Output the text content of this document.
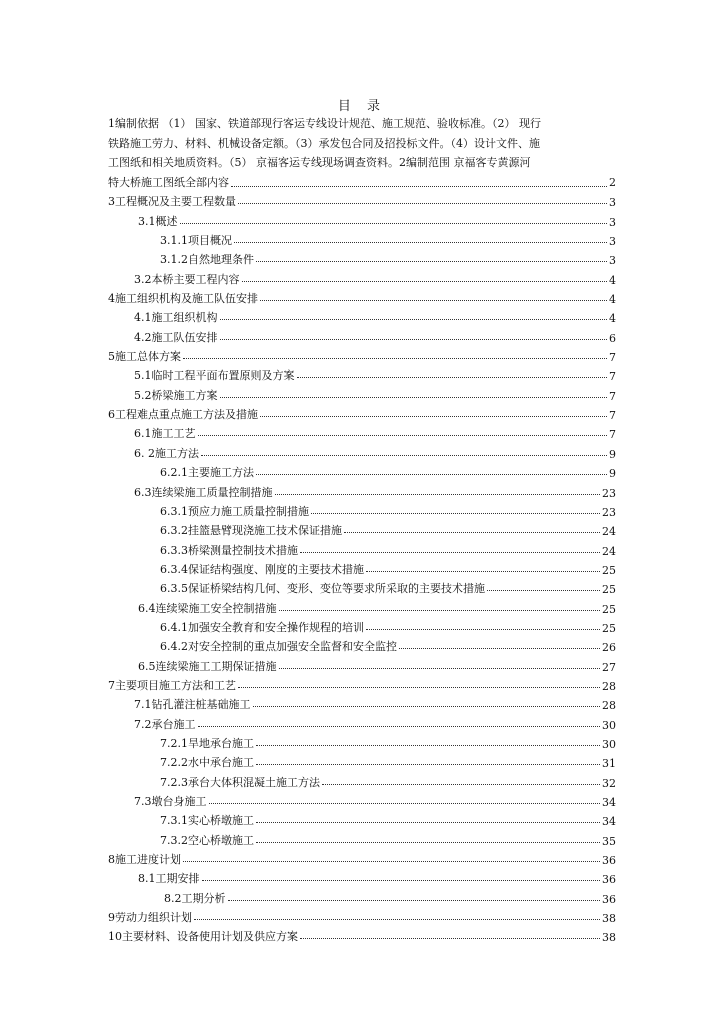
目 录
1编制依据 （1） 国家、铁道部现行客运专线设计规范、施工规范、验收标准。（2） 现行
铁路施工劳力、材料、机械设备定额。（3）承发包合同及招投标文件。（4）设计文件、施
工图纸和相关地质资料。（5） 京福客运专线现场调查资料。2编制范围 京福客专黄源河
特大桥施工图纸全部内容	2
3工程概况及主要工程数量	3
3.1概述	3
3.1.1项目概况	3
3.1.2自然地理条件	3
3.2本桥主要工程内容	4
4施工组织机构及施工队伍安排	4
4.1施工组织机构	4
4.2施工队伍安排	6
5施工总体方案	7
5.1临时工程平面布置原则及方案	7
5.2桥梁施工方案	7
6工程难点重点施工方法及措施	7
6.1施工工艺	7
6. 2施工方法	9
6.2.1主要施工方法	9
6.3连续梁施工质量控制措施	23
6.3.1预应力施工质量控制措施	23
6.3.2挂篮悬臂现浇施工技术保证措施	24
6.3.3桥梁测量控制技术措施	24
6.3.4保证结构强度、刚度的主要技术措施	25
6.3.5保证桥梁结构几何、变形、变位等要求所采取的主要技术措施	25
6.4连续梁施工安全控制措施	25
6.4.1加强安全教育和安全操作规程的培训	25
6.4.2对安全控制的重点加强安全监督和安全监控	26
6.5连续梁施工工期保证措施	27
7主要项目施工方法和工艺	28
7.1钻孔灌注桩基础施工	28
7.2承台施工	30
7.2.1旱地承台施工	30
7.2.2水中承台施工	31
7.2.3承台大体积混凝土施工方法	32
7.3墩台身施工	34
7.3.1实心桥墩施工	34
7.3.2空心桥墩施工	35
8施工进度计划	36
8.1工期安排	36
8.2工期分析	36
9劳动力组织计划	38
10主要材料、设备使用计划及供应方案	38
